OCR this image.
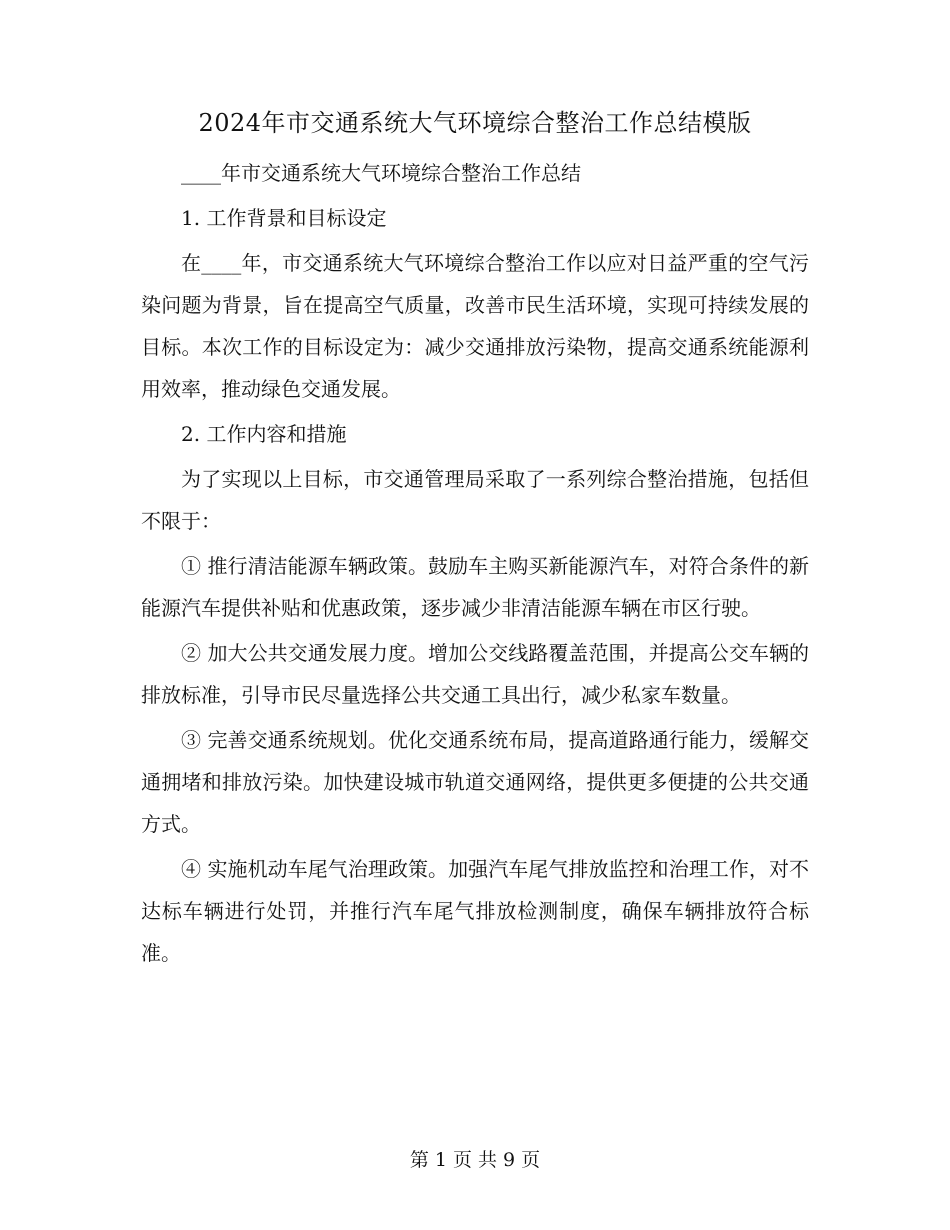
2024年市交通系统大气环境综合整治工作总结模版

____年市交通系统大气环境综合整治工作总结

1. 工作背景和目标设定

在____年，市交通系统大气环境综合整治工作以应对日益严重的空气污染问题为背景，旨在提高空气质量，改善市民生活环境，实现可持续发展的目标。本次工作的目标设定为：减少交通排放污染物，提高交通系统能源利用效率，推动绿色交通发展。

2. 工作内容和措施

为了实现以上目标，市交通管理局采取了一系列综合整治措施，包括但不限于：

① 推行清洁能源车辆政策。鼓励车主购买新能源汽车，对符合条件的新能源汽车提供补贴和优惠政策，逐步减少非清洁能源车辆在市区行驶。

② 加大公共交通发展力度。增加公交线路覆盖范围，并提高公交车辆的排放标准，引导市民尽量选择公共交通工具出行，减少私家车数量。

③ 完善交通系统规划。优化交通系统布局，提高道路通行能力，缓解交通拥堵和排放污染。加快建设城市轨道交通网络，提供更多便捷的公共交通方式。

④ 实施机动车尾气治理政策。加强汽车尾气排放监控和治理工作，对不达标车辆进行处罚，并推行汽车尾气排放检测制度，确保车辆排放符合标准。

第 1 页 共 9 页
